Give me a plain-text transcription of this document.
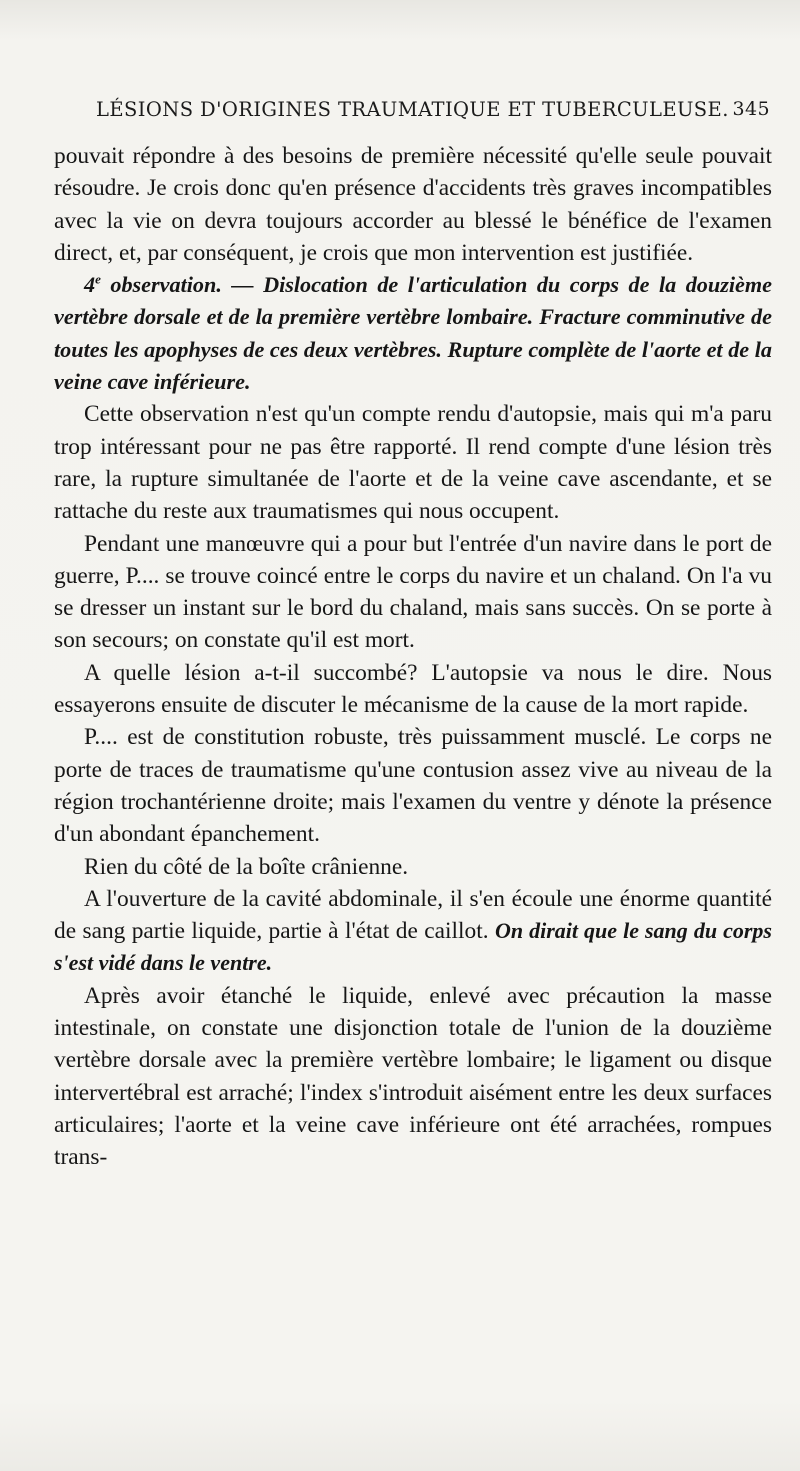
LÉSIONS D'ORIGINES TRAUMATIQUE ET TUBERCULEUSE. 345

pouvait répondre à des besoins de première nécessité qu'elle seule pouvait résoudre. Je crois donc qu'en présence d'accidents très graves incompatibles avec la vie on devra toujours accorder au blessé le bénéfice de l'examen direct, et, par conséquent, je crois que mon intervention est justifiée.

4e observation. — Dislocation de l'articulation du corps de la douzième vertèbre dorsale et de la première vertèbre lombaire. Fracture comminutive de toutes les apophyses de ces deux vertèbres. Rupture complète de l'aorte et de la veine cave inférieure.

Cette observation n'est qu'un compte rendu d'autopsie, mais qui m'a paru trop intéressant pour ne pas être rapporté. Il rend compte d'une lésion très rare, la rupture simultanée de l'aorte et de la veine cave ascendante, et se rattache du reste aux traumatismes qui nous occupent.

Pendant une manœuvre qui a pour but l'entrée d'un navire dans le port de guerre, P.... se trouve coincé entre le corps du navire et un chaland. On l'a vu se dresser un instant sur le bord du chaland, mais sans succès. On se porte à son secours; on constate qu'il est mort.

A quelle lésion a-t-il succombé? L'autopsie va nous le dire. Nous essayerons ensuite de discuter le mécanisme de la cause de la mort rapide.

P.... est de constitution robuste, très puissamment musclé. Le corps ne porte de traces de traumatisme qu'une contusion assez vive au niveau de la région trochantérienne droite; mais l'examen du ventre y dénote la présence d'un abondant épanchement.

Rien du côté de la boîte crânienne.

A l'ouverture de la cavité abdominale, il s'en écoule une énorme quantité de sang partie liquide, partie à l'état de caillot. On dirait que le sang du corps s'est vidé dans le ventre.

Après avoir étanché le liquide, enlevé avec précaution la masse intestinale, on constate une disjonction totale de l'union de la douzième vertèbre dorsale avec la première vertèbre lombaire; le ligament ou disque intervertébral est arraché; l'index s'introduit aisément entre les deux surfaces articulaires; l'aorte et la veine cave inférieure ont été arrachées, rompues trans-
